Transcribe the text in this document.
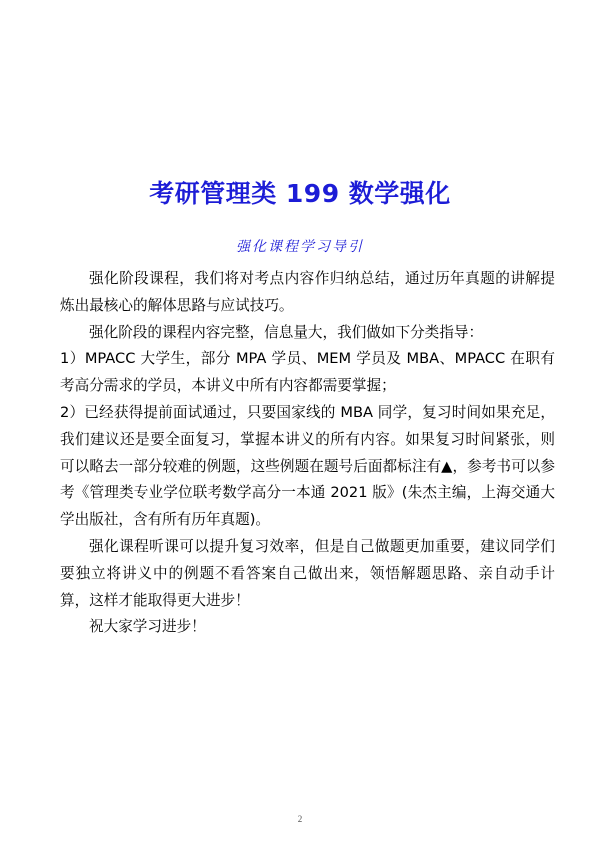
考研管理类 199 数学强化
强化课程学习导引

强化阶段课程，我们将对考点内容作归纳总结，通过历年真题的讲解提炼出最核心的解体思路与应试技巧。

强化阶段的课程内容完整，信息量大，我们做如下分类指导：

1）MPACC 大学生，部分 MPA 学员、MEM 学员及 MBA、MPACC 在职有考高分需求的学员，本讲义中所有内容都需要掌握；

2）已经获得提前面试通过，只要国家线的 MBA 同学，复习时间如果充足，我们建议还是要全面复习，掌握本讲义的所有内容。如果复习时间紧张，则可以略去一部分较难的例题，这些例题在题号后面都标注有▲，参考书可以参考《管理类专业学位联考数学高分一本通 2021 版》(朱杰主编，上海交通大学出版社，含有所有历年真题)。

强化课程听课可以提升复习效率，但是自己做题更加重要，建议同学们要独立将讲义中的例题不看答案自己做出来，领悟解题思路、亲自动手计算，这样才能取得更大进步！

祝大家学习进步！

2
